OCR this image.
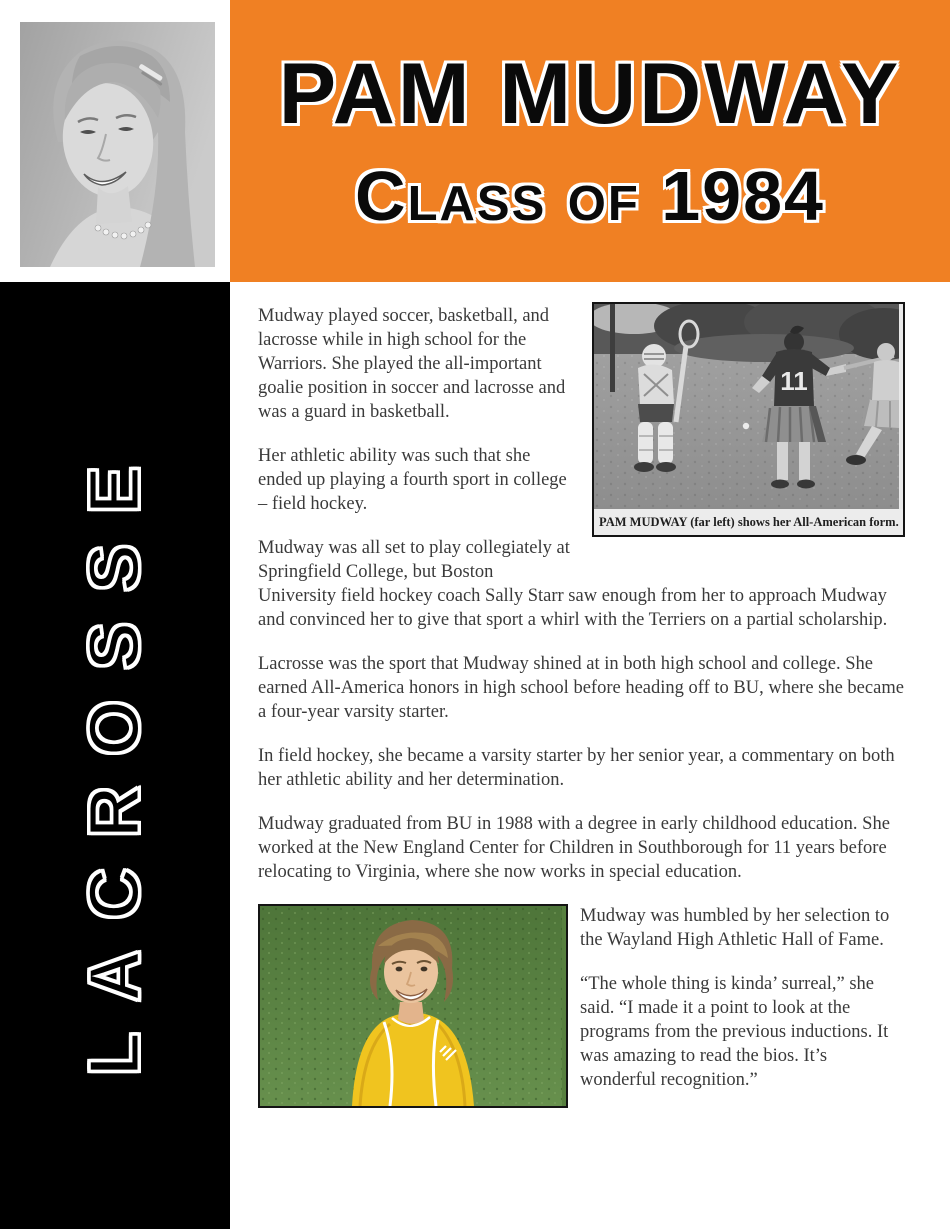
PAM MUDWAY
Class of 1984
LACROSSE
11
PAM MUDWAY (far left) shows her All-American form.

Mudway played soccer, basketball, and lacrosse while in high school for the Warriors. She played the all-important goalie position in soccer and lacrosse and was a guard in basketball.

Her athletic ability was such that she ended up playing a fourth sport in college – field hockey.

Mudway was all set to play collegiately at Springfield College, but Boston University field hockey coach Sally Starr saw enough from her to approach Mudway and convinced her to give that sport a whirl with the Terriers on a partial scholarship.

Lacrosse was the sport that Mudway shined at in both high school and college. She earned All-America honors in high school before heading off to BU, where she became a four-year varsity starter.

In field hockey, she became a varsity starter by her senior year, a commentary on both her athletic ability and her determination.

Mudway graduated from BU in 1988 with a degree in early childhood education. She worked at the New England Center for Children in Southborough for 11 years before relocating to Virginia, where she now works in special education.

Mudway was humbled by her selection to the Wayland High Athletic Hall of Fame.

“The whole thing is kinda’ surreal,” she said. “I made it a point to look at the programs from the previous inductions. It was amazing to read the bios. It’s wonderful recognition.”
